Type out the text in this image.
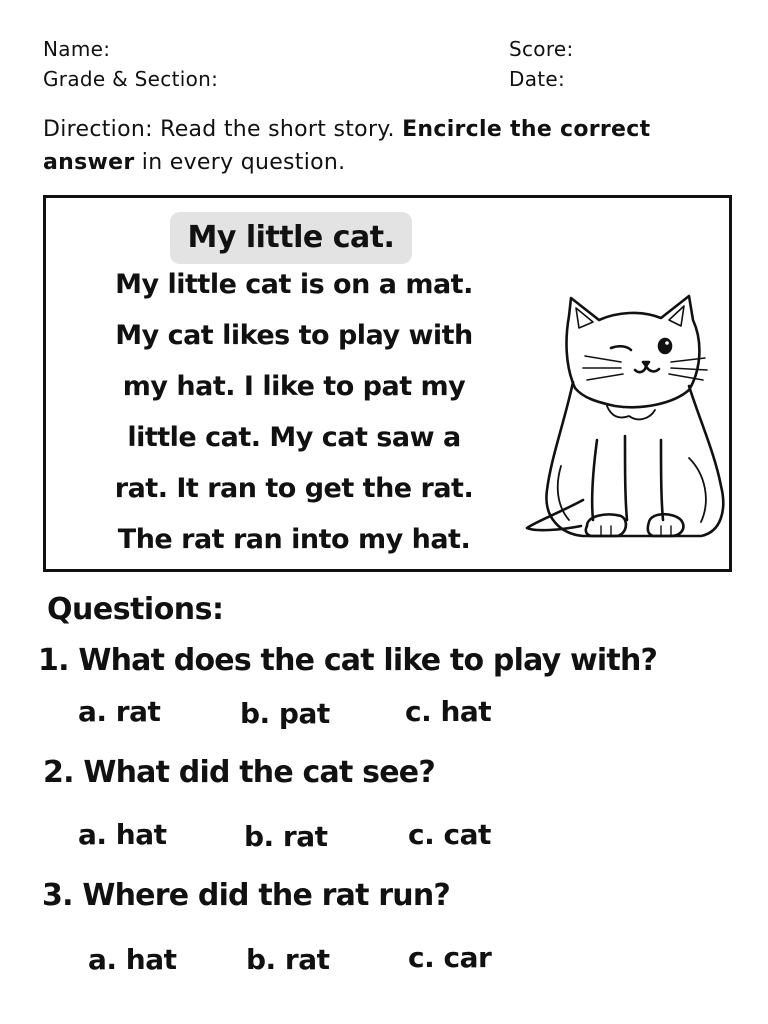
Name:
Grade & Section:
Score:
Date:
Direction: Read the short story. Encircle the correct answer in every question.
My little cat.
My little cat is on a mat.
My cat likes to play with
my hat. I like to pat my
little cat. My cat saw a
rat. It ran to get the rat.
The rat ran into my hat.
Questions:
1. What does the cat like to play with?
a. rat	b. pat	c. hat
2. What did the cat see?
a. hat	b. rat	c. cat
3. Where did the rat run?
a. hat b. rat	c. car
